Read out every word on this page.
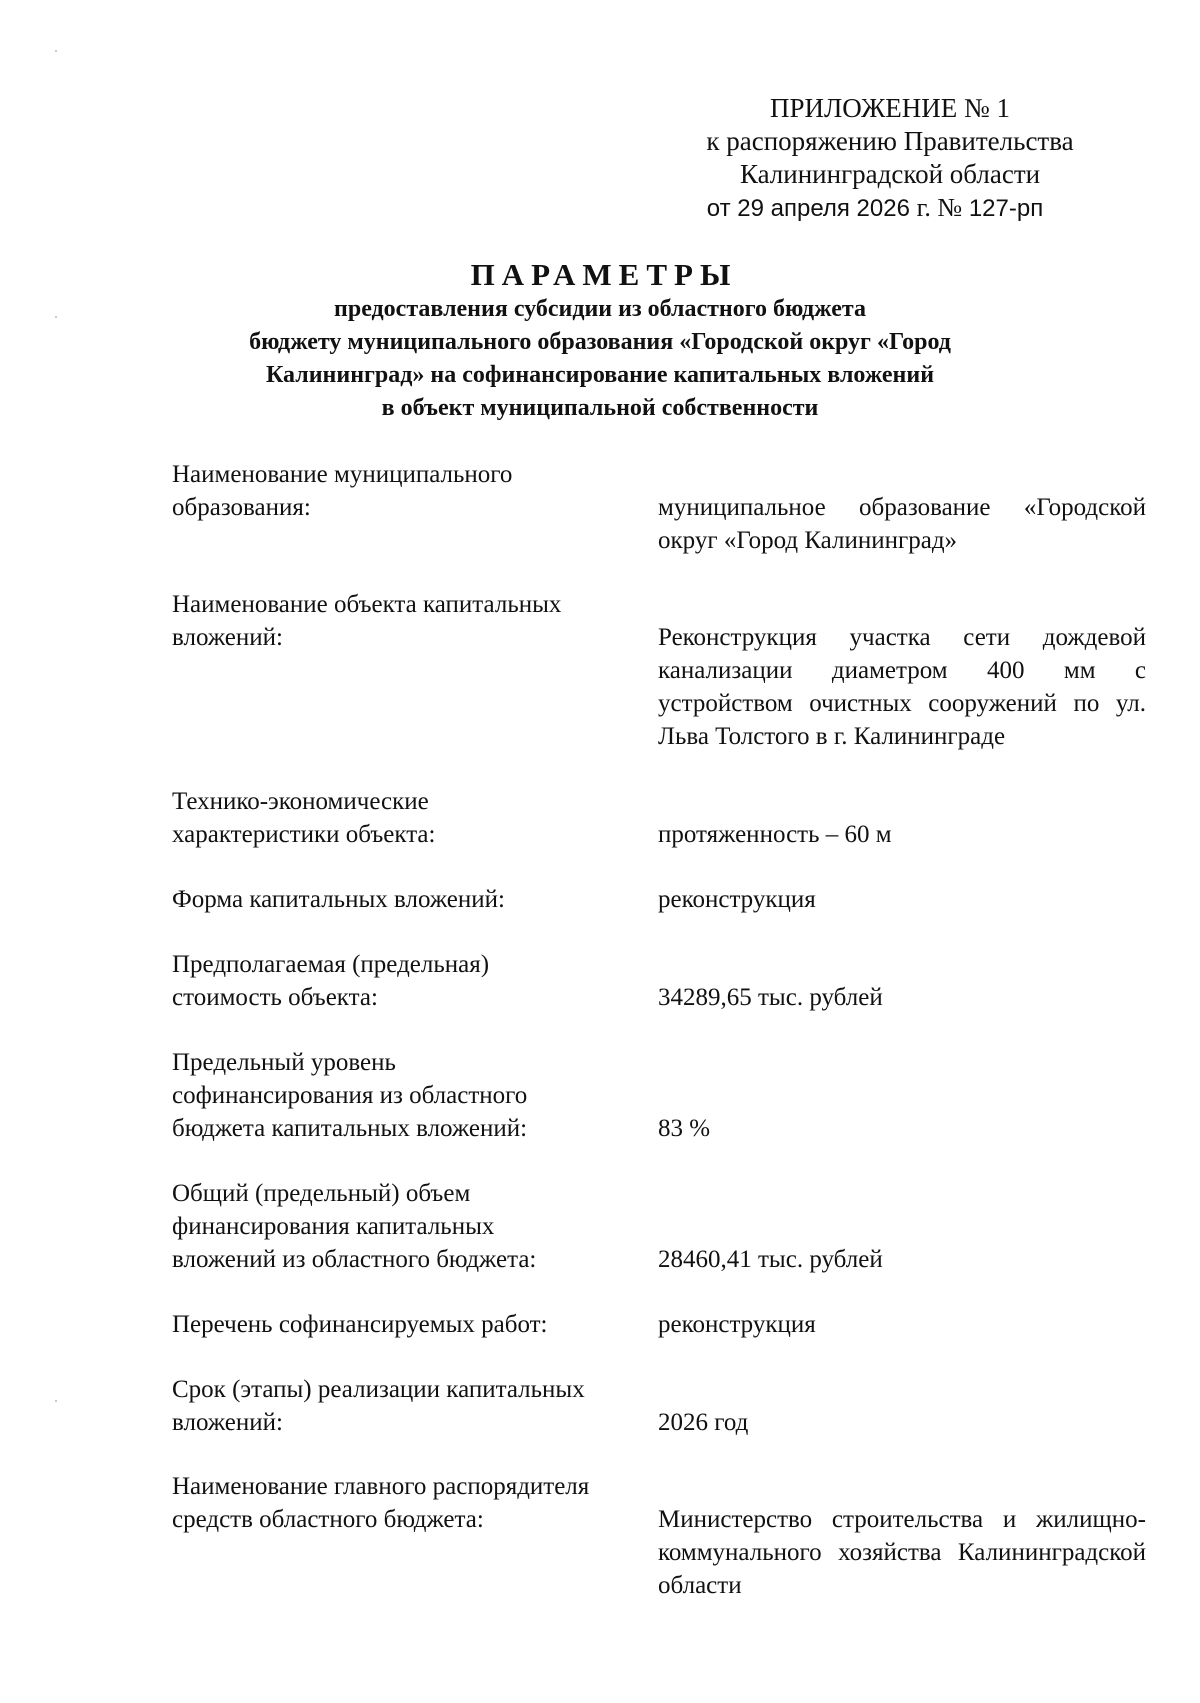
ПРИЛОЖЕНИЕ № 1
к распоряжению Правительства
Калининградской области
от 29 апреля 2026 г. № 127-рп
ПАРАМЕТРЫ
предоставления субсидии из областного бюджета
бюджету муниципального образования «Городской округ «Город
Калининград» на софинансирование капитальных вложений
в объект муниципальной собственности
Наименование муниципального
образования:	муниципальное образование «Городской округ «Город Калининград»
Наименование объекта капитальных
вложений:	Реконструкция участка сети дождевой канализации диаметром 400 мм с устройством очистных сооружений по ул. Льва Толстого в г. Калининграде
Технико-экономические
характеристики объекта:	протяженность – 60 м
Форма капитальных вложений:	реконструкция
Предполагаемая (предельная)
стоимость объекта:	34289,65 тыс. рублей
Предельный уровень
софинансирования из областного
бюджета капитальных вложений:	83 %
Общий (предельный) объем
финансирования капитальных
вложений из областного бюджета:	28460,41 тыс. рублей
Перечень софинансируемых работ:	реконструкция
Срок (этапы) реализации капитальных
вложений:	2026 год
Наименование главного распорядителя
средств областного бюджета:	Министерство строительства и жилищно-коммунального хозяйства Калининградской области
